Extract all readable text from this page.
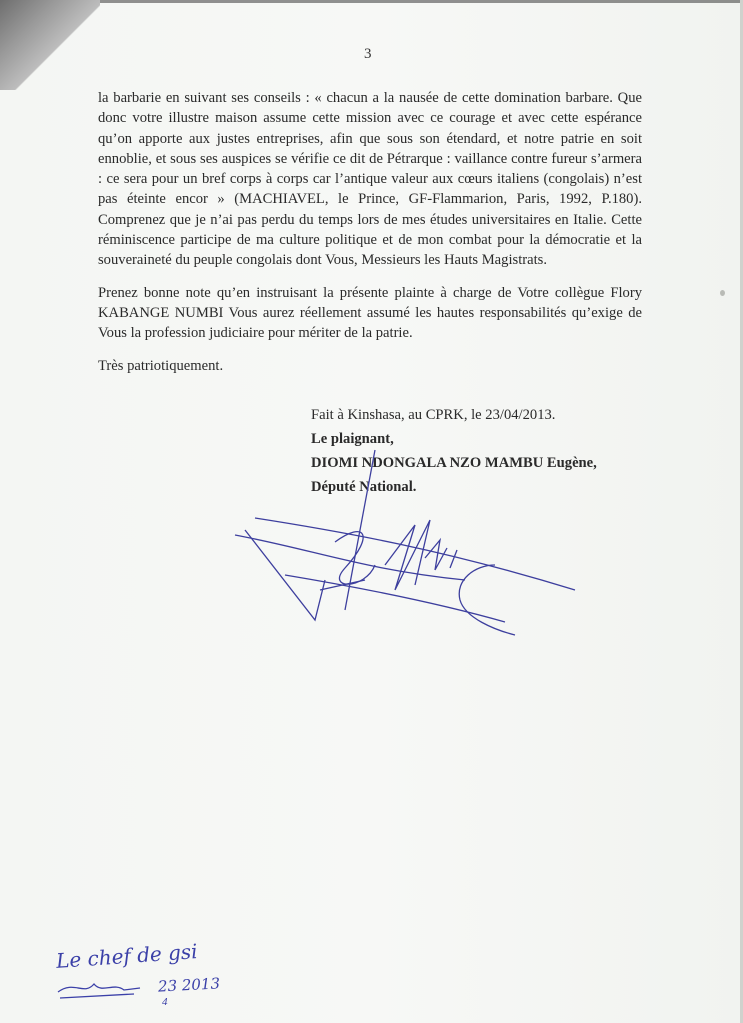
3

la barbarie en suivant ses conseils : « chacun a la nausée de cette domination barbare. Que donc votre illustre maison assume cette mission avec ce courage et avec cette espérance qu’on apporte aux justes entreprises, afin que sous son étendard, et notre patrie en soit ennoblie, et sous ses auspices se vérifie ce dit de Pétrarque : vaillance contre fureur s’armera : ce sera pour un bref corps à corps car l’antique valeur aux cœurs italiens (congolais) n’est pas éteinte encor » (MACHIAVEL, le Prince, GF-Flammarion, Paris, 1992, P.180). Comprenez que je n’ai pas perdu du temps lors de mes études universitaires en Italie. Cette réminiscence participe de ma culture politique et de mon combat pour la démocratie et la souveraineté du peuple congolais dont Vous, Messieurs les Hauts Magistrats.

Prenez bonne note qu’en instruisant la présente plainte à charge de Votre collègue Flory KABANGE NUMBI Vous aurez réellement assumé les hautes responsabilités qu’exige de Vous la profession judiciaire pour mériter de la patrie.

Très patriotiquement.

Fait à Kinshasa, au CPRK, le 23/04/2013.
Le plaignant,
DIOMI NDONGALA NZO MAMBU Eugène,
Député National.
Le chef de gsi
23 2013
4
